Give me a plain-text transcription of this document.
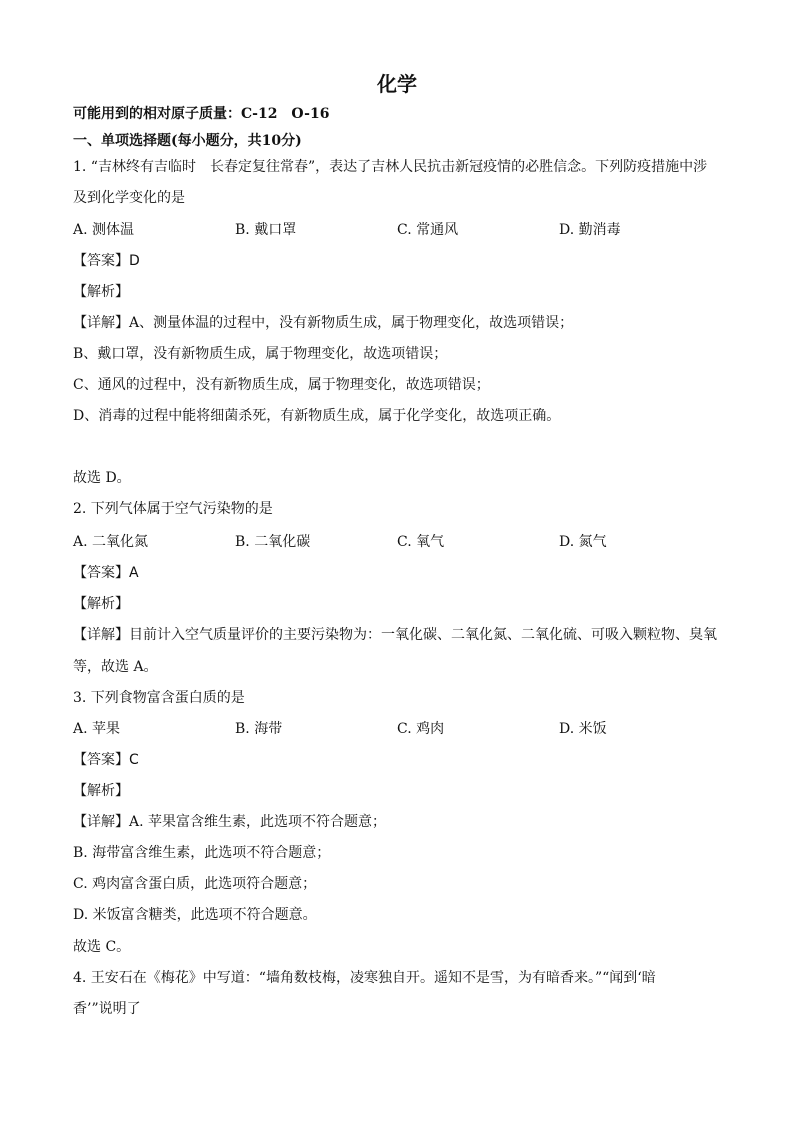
化学
可能用到的相对原子质量：C-12　O-16
一、单项选择题(每小题分，共10分)
1. “吉林终有吉临时　长春定复往常春”，表达了吉林人民抗击新冠疫情的必胜信念。下列防疫措施中涉
及到化学变化的是
A. 测体温	B. 戴口罩	C. 常通风	D. 勤消毒
【答案】D
【解析】
【详解】A、测量体温的过程中，没有新物质生成，属于物理变化，故选项错误；
B、戴口罩，没有新物质生成，属于物理变化，故选项错误；
C、通风的过程中，没有新物质生成，属于物理变化，故选项错误；
D、消毒的过程中能将细菌杀死，有新物质生成，属于化学变化，故选项正确。
故选 D。
2. 下列气体属于空气污染物的是
A. 二氧化氮	B. 二氧化碳	C. 氧气	D. 氮气
【答案】A
【解析】
【详解】目前计入空气质量评价的主要污染物为：一氧化碳、二氧化氮、二氧化硫、可吸入颗粒物、臭氧
等，故选 A。
3. 下列食物富含蛋白质的是
A. 苹果	B. 海带	C. 鸡肉	D. 米饭
【答案】C
【解析】
【详解】A. 苹果富含维生素，此选项不符合题意；
B. 海带富含维生素，此选项不符合题意；
C. 鸡肉富含蛋白质，此选项符合题意；
D. 米饭富含糖类，此选项不符合题意。
故选 C。
4. 王安石在《梅花》中写道：“墙角数枝梅，凌寒独自开。遥知不是雪，为有暗香来。”“闻到‘暗
香’”说明了
